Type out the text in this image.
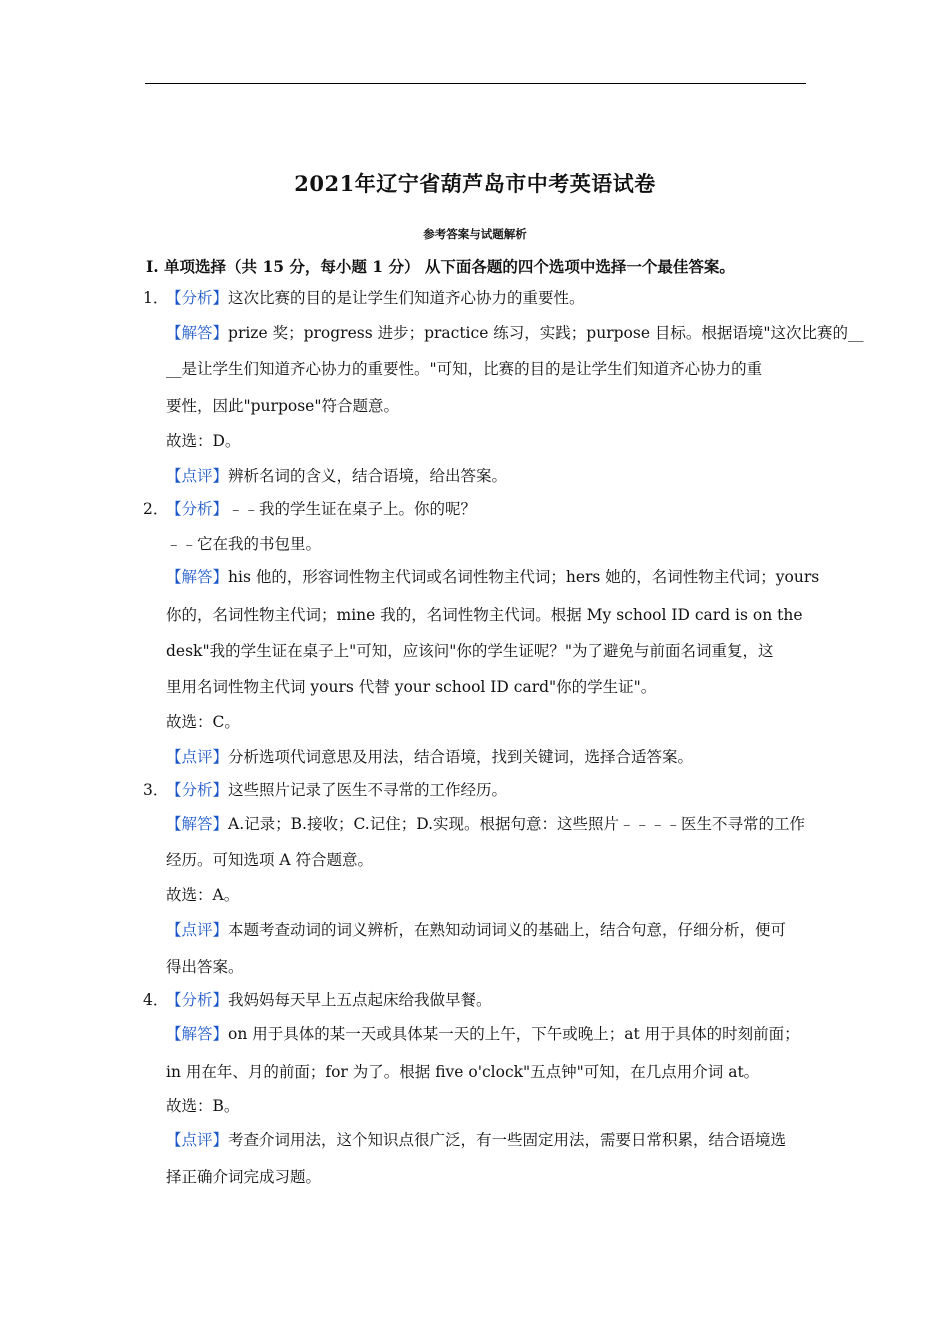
2021年辽宁省葫芦岛市中考英语试卷
参考答案与试题解析
Ⅰ. 单项选择（共 15 分，每小题 1 分） 从下面各题的四个选项中选择一个最佳答案。
1．
【分析】这次比赛的目的是让学生们知道齐心协力的重要性。
【解答】prize 奖；progress 进步；practice 练习，实践；purpose 目标。根据语境"这次比赛的__
__是让学生们知道齐心协力的重要性。"可知，比赛的目的是让学生们知道齐心协力的重
要性，因此"purpose"符合题意。
故选：D。
【点评】辨析名词的含义，结合语境，给出答案。
2．
【分析】﹣﹣我的学生证在桌子上。你的呢？
﹣﹣它在我的书包里。
【解答】his 他的，形容词性物主代词或名词性物主代词；hers 她的，名词性物主代词；yours
你的，名词性物主代词；mine 我的，名词性物主代词。根据 My school ID card is on the
desk"我的学生证在桌子上"可知，应该问"你的学生证呢？"为了避免与前面名词重复，这
里用名词性物主代词 yours 代替 your school ID card"你的学生证"。
故选：C。
【点评】分析选项代词意思及用法，结合语境，找到关键词，选择合适答案。
3．
【分析】这些照片记录了医生不寻常的工作经历。
【解答】A.记录；B.接收；C.记住；D.实现。根据句意：这些照片﹣﹣﹣﹣医生不寻常的工作
经历。可知选项 A 符合题意。
故选：A。
【点评】本题考查动词的词义辨析，在熟知动词词义的基础上，结合句意，仔细分析，便可
得出答案。
4．
【分析】我妈妈每天早上五点起床给我做早餐。
【解答】on 用于具体的某一天或具体某一天的上午，下午或晚上；at 用于具体的时刻前面；
in 用在年、月的前面；for 为了。根据 five o'clock"五点钟"可知，在几点用介词 at。
故选：B。
【点评】考查介词用法，这个知识点很广泛，有一些固定用法，需要日常积累，结合语境选
择正确介词完成习题。
